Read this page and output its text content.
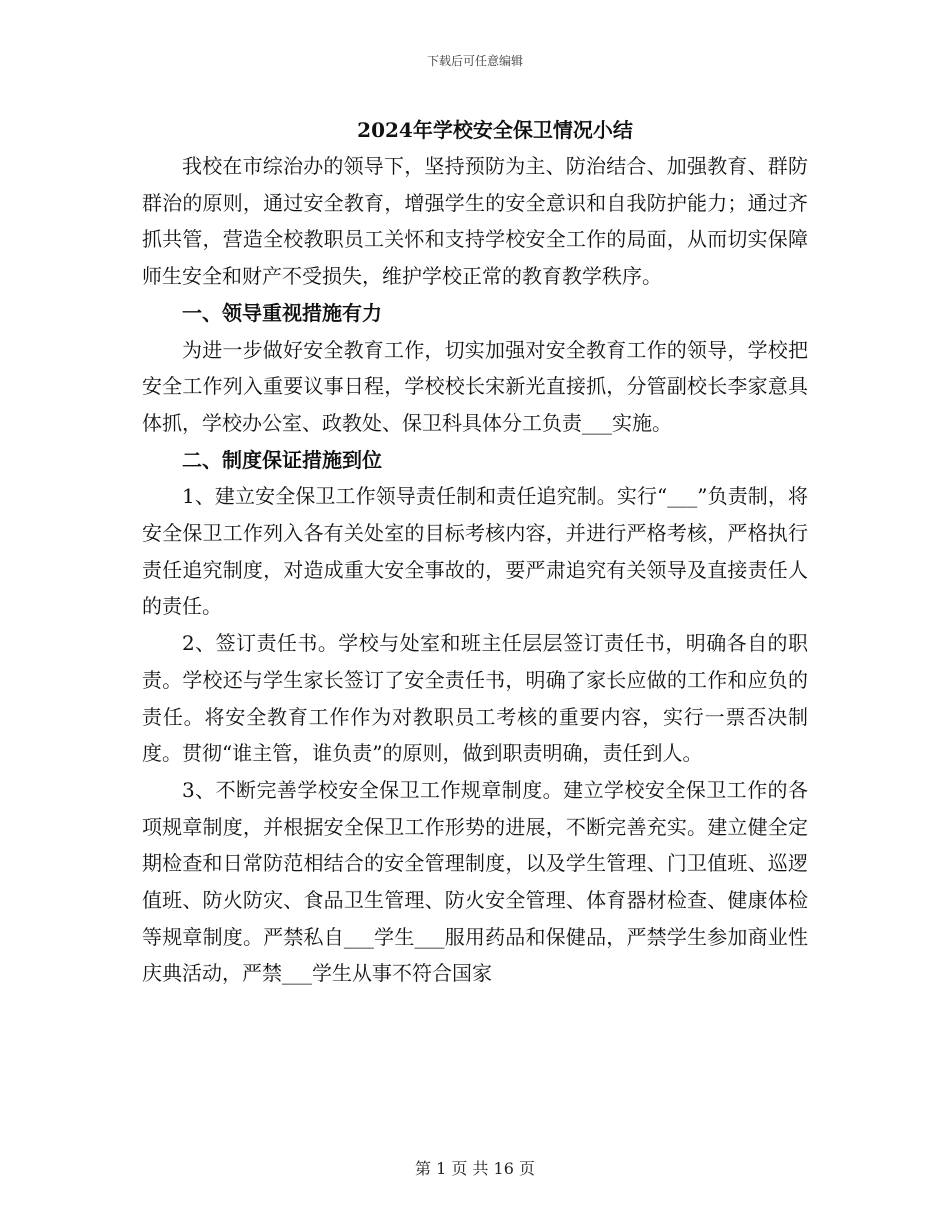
下载后可任意编辑
2024年学校安全保卫情况小结

我校在市综治办的领导下，坚持预防为主、防治结合、加强教育、群防群治的原则，通过安全教育，增强学生的安全意识和自我防护能力；通过齐抓共管，营造全校教职员工关怀和支持学校安全工作的局面，从而切实保障师生安全和财产不受损失，维护学校正常的教育教学秩序。

一、领导重视措施有力

为进一步做好安全教育工作，切实加强对安全教育工作的领导，学校把安全工作列入重要议事日程，学校校长宋新光直接抓，分管副校长李家意具体抓，学校办公室、政教处、保卫科具体分工负责___实施。

二、制度保证措施到位

1、建立安全保卫工作领导责任制和责任追究制。实行“___”负责制，将安全保卫工作列入各有关处室的目标考核内容，并进行严格考核，严格执行责任追究制度，对造成重大安全事故的，要严肃追究有关领导及直接责任人的责任。

2、签订责任书。学校与处室和班主任层层签订责任书，明确各自的职责。学校还与学生家长签订了安全责任书，明确了家长应做的工作和应负的责任。将安全教育工作作为对教职员工考核的重要内容，实行一票否决制度。贯彻“谁主管，谁负责”的原则，做到职责明确，责任到人。

3、不断完善学校安全保卫工作规章制度。建立学校安全保卫工作的各项规章制度，并根据安全保卫工作形势的进展，不断完善充实。建立健全定期检查和日常防范相结合的安全管理制度，以及学生管理、门卫值班、巡逻值班、防火防灾、食品卫生管理、防火安全管理、体育器材检查、健康体检等规章制度。严禁私自___学生___服用药品和保健品，严禁学生参加商业性庆典活动，严禁___学生从事不符合国家

第 1 页 共 16 页
